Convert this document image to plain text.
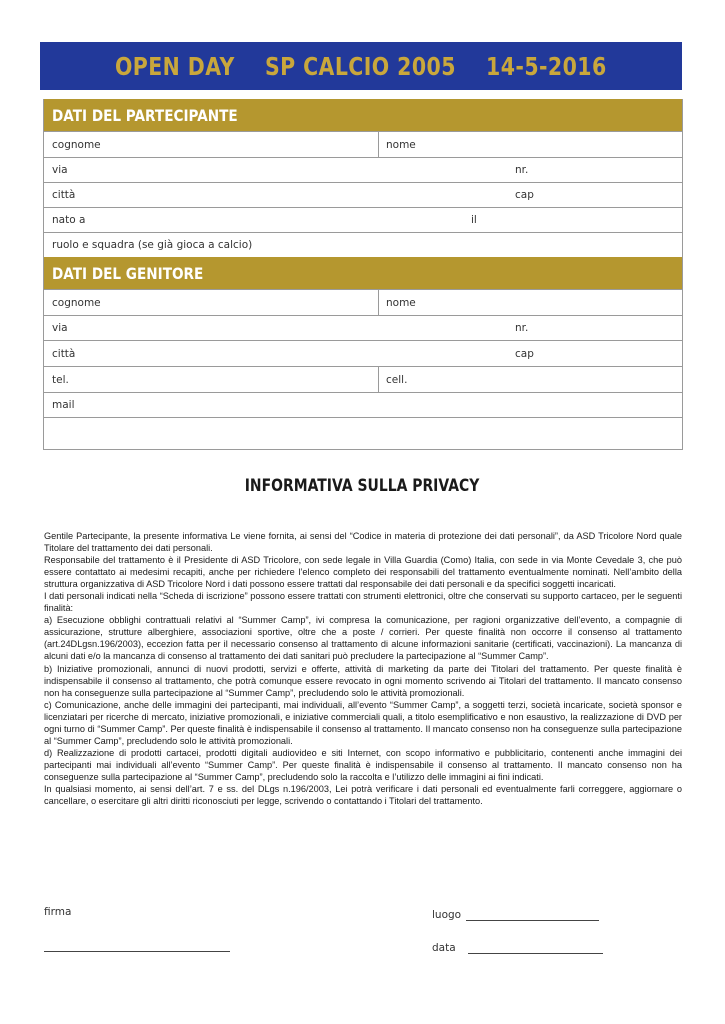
OPEN DAY    SP CALCIO 2005    14-5-2016
DATI DEL PARTECIPANTE
cognome	nome
via	nr.
città	cap
nato a	il
ruolo e squadra (se già gioca a calcio)
DATI DEL GENITORE
cognome	nome
via	nr.
città	cap
tel.	cell.
mail
INFORMATIVA SULLA PRIVACY

Gentile Partecipante, la presente informativa Le viene fornita, ai sensi del “Codice in materia di protezione dei dati personali”, da ASD Tricolore Nord quale Titolare del trattamento dei dati personali.

Responsabile del trattamento è il Presidente di ASD Tricolore, con sede legale in Villa Guardia (Como) Italia, con sede in via Monte Cevedale 3, che può essere contattato ai medesimi recapiti, anche per richiedere l’elenco completo dei responsabili del trattamento eventualmente nominati. Nell’ambito della struttura organizzativa di ASD Tricolore Nord i dati possono essere trattati dal responsabile dei dati personali e da specifici soggetti incaricati.

I dati personali indicati nella “Scheda di iscrizione” possono essere trattati con strumenti elettronici, oltre che conservati su supporto cartaceo, per le seguenti finalità:

a) Esecuzione obblighi contrattuali relativi al “Summer Camp”, ivi compresa la comunicazione, per ragioni organizzative dell’evento, a compagnie di assicurazione, strutture alberghiere, associazioni sportive, oltre che a poste / corrieri. Per queste finalità non occorre il consenso al trattamento (art.24DLgsn.196/2003), eccezion fatta per il necessario consenso al trattamento di alcune informazioni sanitarie (certificati, vaccinazioni). La mancanza di alcuni dati e/o la mancanza di consenso al trattamento dei dati sanitari può precludere la partecipazione al “Summer Camp”.

b) Iniziative promozionali, annunci di nuovi prodotti, servizi e offerte, attività di marketing da parte dei Titolari del trattamento. Per queste finalità è indispensabile il consenso al trattamento, che potrà comunque essere revocato in ogni momento scrivendo ai Titolari del trattamento. Il mancato consenso non ha conseguenze sulla partecipazione al “Summer Camp”, precludendo solo le attività promozionali.

c) Comunicazione, anche delle immagini dei partecipanti, mai individuali, all’evento “Summer Camp”, a soggetti terzi, società incaricate, società sponsor e licenziatari per ricerche di mercato, iniziative promozionali, e iniziative commerciali quali, a titolo esemplificativo e non esaustivo, la realizzazione di DVD per ogni turno di “Summer Camp”. Per queste finalità è indispensabile il consenso al trattamento. Il mancato consenso non ha conseguenze sulla partecipazione al “Summer Camp”, precludendo solo le attività promozionali.

d) Realizzazione di prodotti cartacei, prodotti digitali audiovideo e siti Internet, con scopo informativo e pubblicitario, contenenti anche immagini dei partecipanti mai individuali all’evento “Summer Camp”. Per queste finalità è indispensabile il consenso al trattamento. Il mancato consenso non ha conseguenze sulla partecipazione al “Summer Camp”, precludendo solo la raccolta e l’utilizzo delle immagini ai fini indicati.

In qualsiasi momento, ai sensi dell’art. 7 e ss. del DLgs n.196/2003, Lei potrà verificare i dati personali ed eventualmente farli correggere, aggiornare o cancellare, o esercitare gli altri diritti riconosciuti per legge, scrivendo o contattando i Titolari del trattamento.

firma	luogo
data
